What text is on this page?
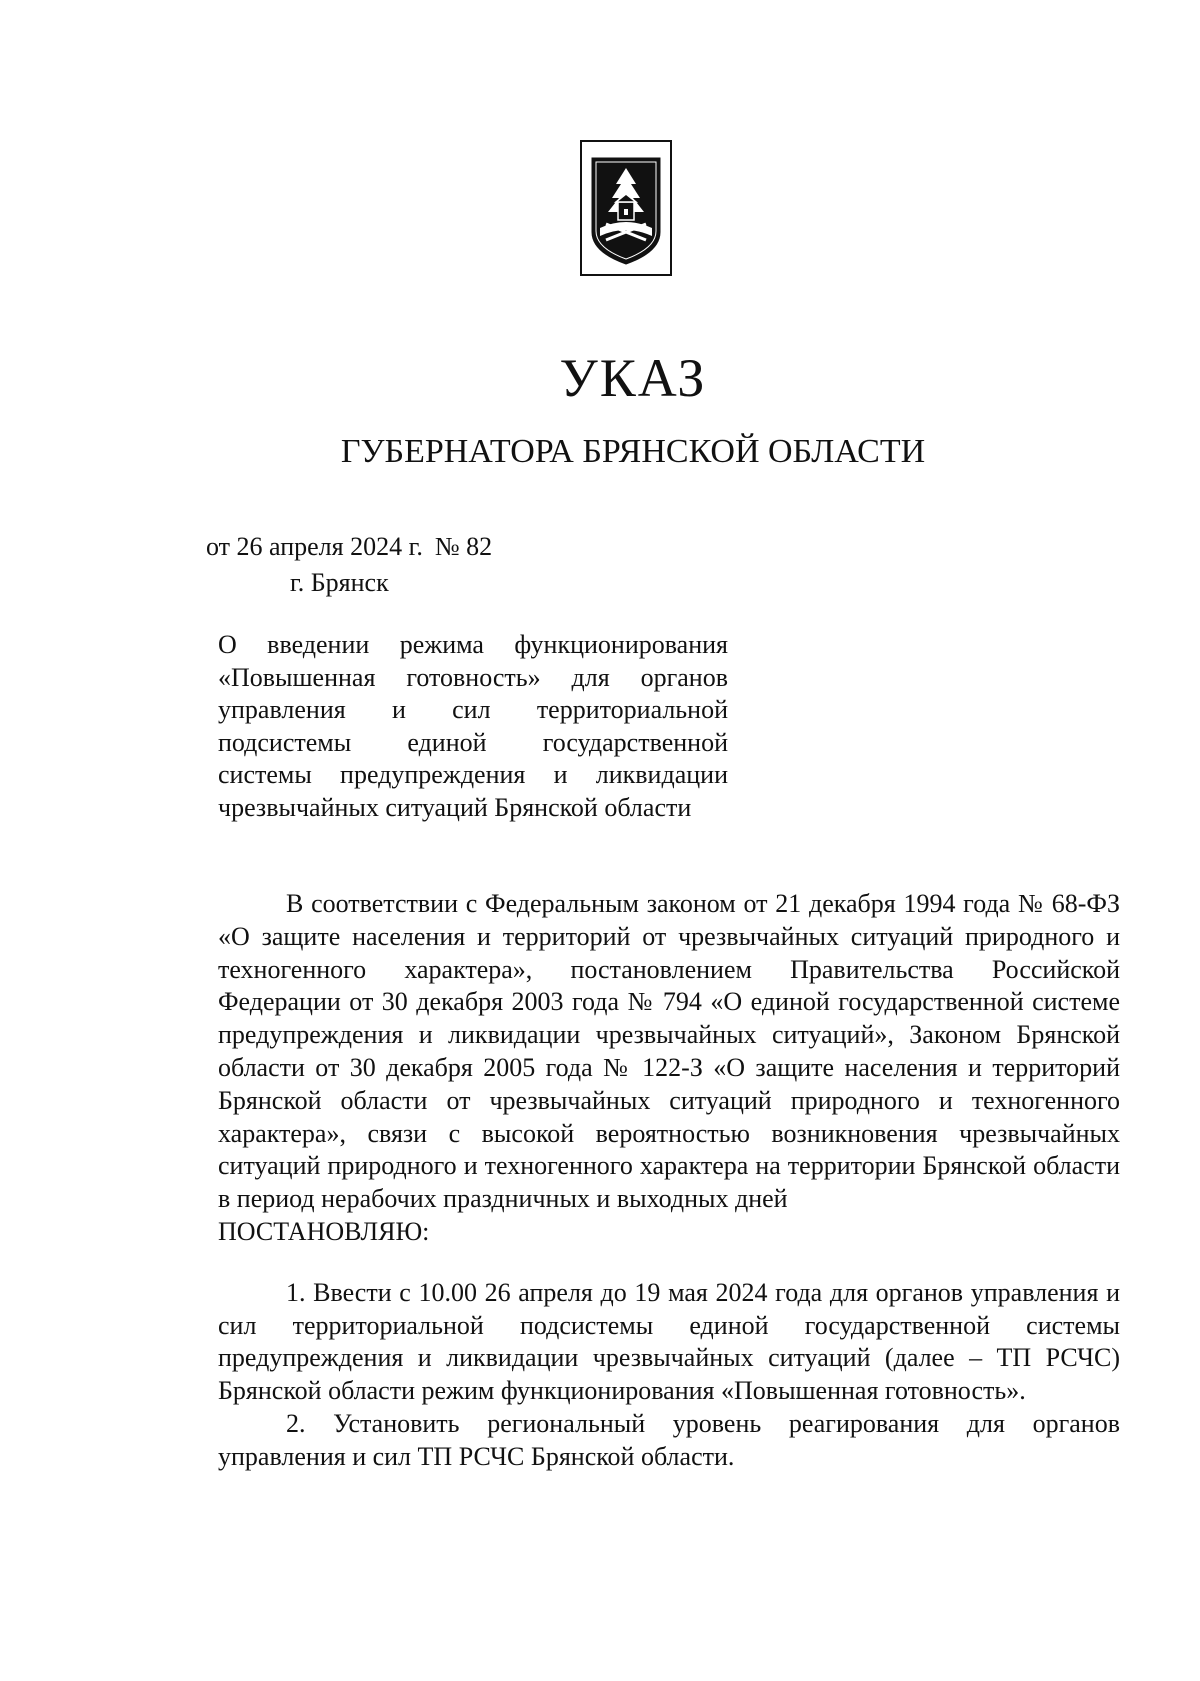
УКАЗ
ГУБЕРНАТОРА БРЯНСКОЙ ОБЛАСТИ
от 26 апреля 2024 г. № 82
г. Брянск
О введении режима функционирования «Повышенная готовность» для органов управления и сил территориальной подсистемы единой государственной системы предупреждения и ликвидации чрезвычайных ситуаций Брянской области

В соответствии с Федеральным законом от 21 декабря 1994 года № 68-ФЗ «О защите населения и территорий от чрезвычайных ситуаций природного и техногенного характера», постановлением Правительства Российской Федерации от 30 декабря 2003 года № 794 «О единой государственной системе предупреждения и ликвидации чрезвычайных ситуаций», Законом Брянской области от 30 декабря 2005 года № 122-З «О защите населения и территорий Брянской области от чрезвычайных ситуаций природного и техногенного характера», связи с высокой вероятностью возникновения чрезвычайных ситуаций природного и техногенного характера на территории Брянской области в период нерабочих праздничных и выходных дней

ПОСТАНОВЛЯЮ:

1. Ввести с 10.00 26 апреля до 19 мая 2024 года для органов управления и сил территориальной подсистемы единой государственной системы предупреждения и ликвидации чрезвычайных ситуаций (далее – ТП РСЧС) Брянской области режим функционирования «Повышенная готовность».

2. Установить региональный уровень реагирования для органов управления и сил ТП РСЧС Брянской области.
